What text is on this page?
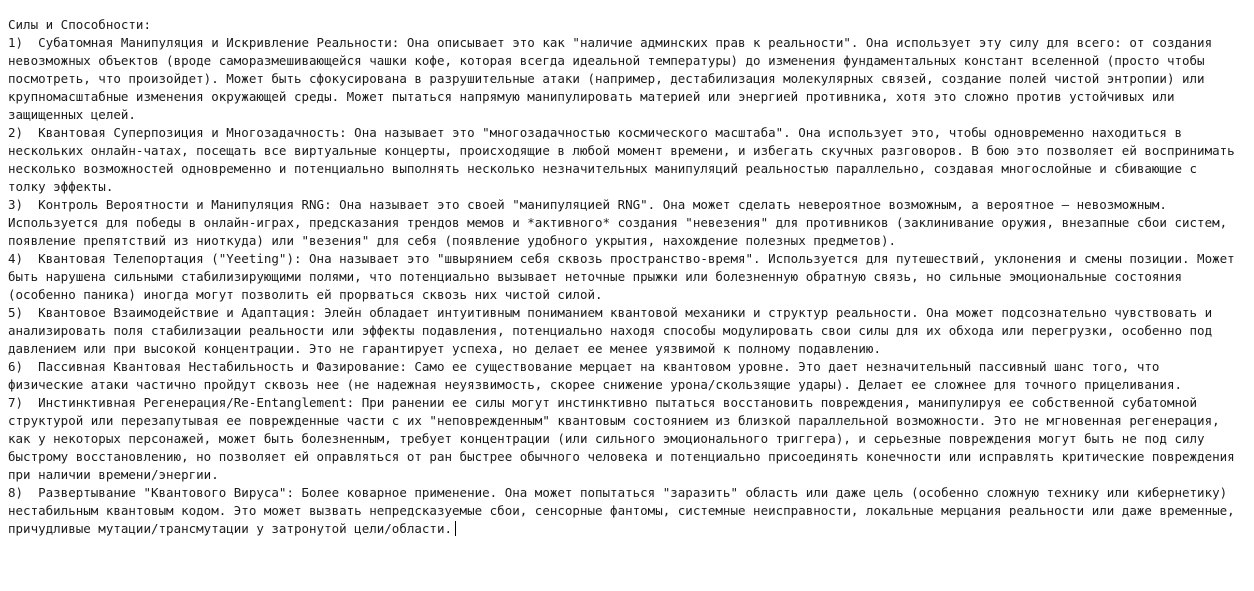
Силы и Способности:
1)  Субатомная Манипуляция и Искривление Реальности: Она описывает это как "наличие админских прав к реальности". Она использует эту силу для всего: от создания невозможных объектов (вроде саморазмешивающейся чашки кофе, которая всегда идеальной температуры) до изменения фундаментальных констант вселенной (просто чтобы посмотреть, что произойдет). Может быть сфокусирована в разрушительные атаки (например, дестабилизация молекулярных связей, создание полей чистой энтропии) или крупномасштабные изменения окружающей среды. Может пытаться напрямую манипулировать материей или энергией противника, хотя это сложно против устойчивых или защищенных целей.
2)  Квантовая Суперпозиция и Многозадачность: Она называет это "многозадачностью космического масштаба". Она использует это, чтобы одновременно находиться в нескольких онлайн-чатах, посещать все виртуальные концерты, происходящие в любой момент времени, и избегать скучных разговоров. В бою это позволяет ей воспринимать несколько возможностей одновременно и потенциально выполнять несколько незначительных манипуляций реальностью параллельно, создавая многослойные и сбивающие с толку эффекты.
3)  Контроль Вероятности и Манипуляция RNG: Она называет это своей "манипуляцией RNG". Она может сделать невероятное возможным, а вероятное – невозможным. Используется для победы в онлайн-играх, предсказания трендов мемов и *активного* создания "невезения" для противников (заклинивание оружия, внезапные сбои систем, появление препятствий из ниоткуда) или "везения" для себя (появление удобного укрытия, нахождение полезных предметов).
4)  Квантовая Телепортация ("Yeeting"): Она называет это "швырянием себя сквозь пространство-время". Используется для путешествий, уклонения и смены позиции. Может быть нарушена сильными стабилизирующими полями, что потенциально вызывает неточные прыжки или болезненную обратную связь, но сильные эмоциональные состояния (особенно паника) иногда могут позволить ей прорваться сквозь них чистой силой.
5)  Квантовое Взаимодействие и Адаптация: Элейн обладает интуитивным пониманием квантовой механики и структур реальности. Она может подсознательно чувствовать и анализировать поля стабилизации реальности или эффекты подавления, потенциально находя способы модулировать свои силы для их обхода или перегрузки, особенно под давлением или при высокой концентрации. Это не гарантирует успеха, но делает ее менее уязвимой к полному подавлению.
6)  Пассивная Квантовая Нестабильность и Фазирование: Само ее существование мерцает на квантовом уровне. Это дает незначительный пассивный шанс того, что физические атаки частично пройдут сквозь нее (не надежная неуязвимость, скорее снижение урона/скользящие удары). Делает ее сложнее для точного прицеливания.
7)  Инстинктивная Регенерация/Re-Entanglement: При ранении ее силы могут инстинктивно пытаться восстановить повреждения, манипулируя ее собственной субатомной структурой или перезапутывая ее поврежденные части с их "неповрежденным" квантовым состоянием из близкой параллельной возможности. Это не мгновенная регенерация, как у некоторых персонажей, может быть болезненным, требует концентрации (или сильного эмоционального триггера), и серьезные повреждения могут быть не под силу быстрому восстановлению, но позволяет ей оправляться от ран быстрее обычного человека и потенциально присоединять конечности или исправлять критические повреждения при наличии времени/энергии.
8)  Развертывание "Квантового Вируса": Более коварное применение. Она может попытаться "заразить" область или даже цель (особенно сложную технику или кибернетику) нестабильным квантовым кодом. Это может вызвать непредсказуемые сбои, сенсорные фантомы, системные неисправности, локальные мерцания реальности или даже временные, причудливые мутации/трансмутации у затронутой цели/области.
